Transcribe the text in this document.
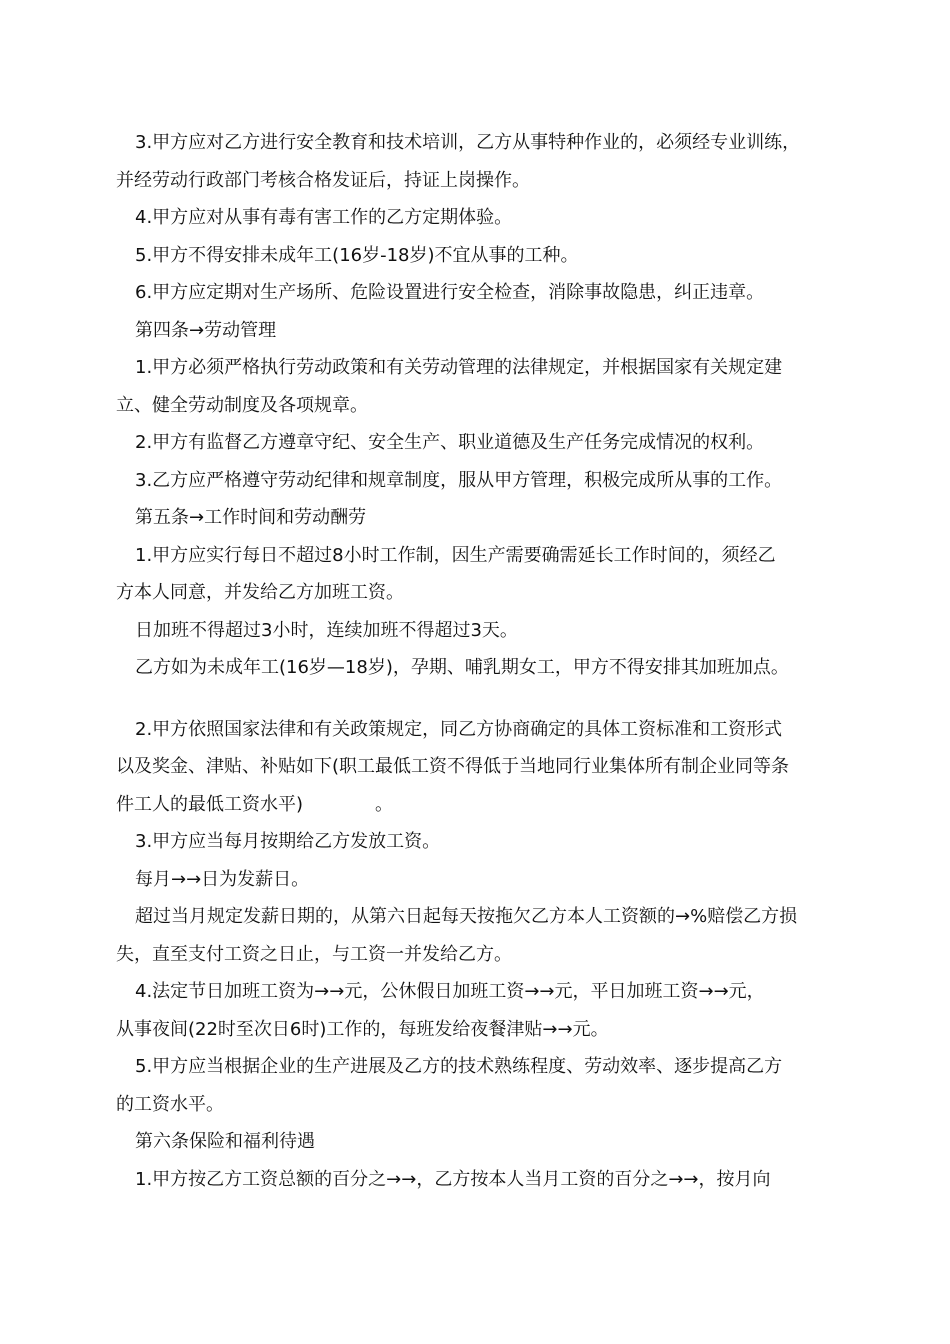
3.甲方应对乙方进行安全教育和技术培训，乙方从事特种作业的，必须经专业训练，
并经劳动行政部门考核合格发证后，持证上岗操作。
4.甲方应对从事有毒有害工作的乙方定期体验。
5.甲方不得安排未成年工(16岁-18岁)不宜从事的工种。
6.甲方应定期对生产场所、危险设置进行安全检查，消除事故隐患，纠正违章。
第四条→劳动管理
1.甲方必须严格执行劳动政策和有关劳动管理的法律规定，并根据国家有关规定建
立、健全劳动制度及各项规章。
2.甲方有监督乙方遵章守纪、安全生产、职业道德及生产任务完成情况的权利。
3.乙方应严格遵守劳动纪律和规章制度，服从甲方管理，积极完成所从事的工作。
第五条→工作时间和劳动酬劳
1.甲方应实行每日不超过8小时工作制，因生产需要确需延长工作时间的，须经乙
方本人同意，并发给乙方加班工资。
日加班不得超过3小时，连续加班不得超过3天。
乙方如为未成年工(16岁—18岁)，孕期、哺乳期女工，甲方不得安排其加班加点。
2.甲方依照国家法律和有关政策规定，同乙方协商确定的具体工资标准和工资形式
以及奖金、津贴、补贴如下(职工最低工资不得低于当地同行业集体所有制企业同等条
件工人的最低工资水平)　　　　。
3.甲方应当每月按期给乙方发放工资。
每月→→日为发薪日。
超过当月规定发薪日期的，从第六日起每天按拖欠乙方本人工资额的→%赔偿乙方损
失，直至支付工资之日止，与工资一并发给乙方。
4.法定节日加班工资为→→元，公休假日加班工资→→元，平日加班工资→→元，
从事夜间(22时至次日6时)工作的，每班发给夜餐津贴→→元。
5.甲方应当根据企业的生产进展及乙方的技术熟练程度、劳动效率、逐步提高乙方
的工资水平。
第六条保险和福利待遇
1.甲方按乙方工资总额的百分之→→，乙方按本人当月工资的百分之→→，按月向
